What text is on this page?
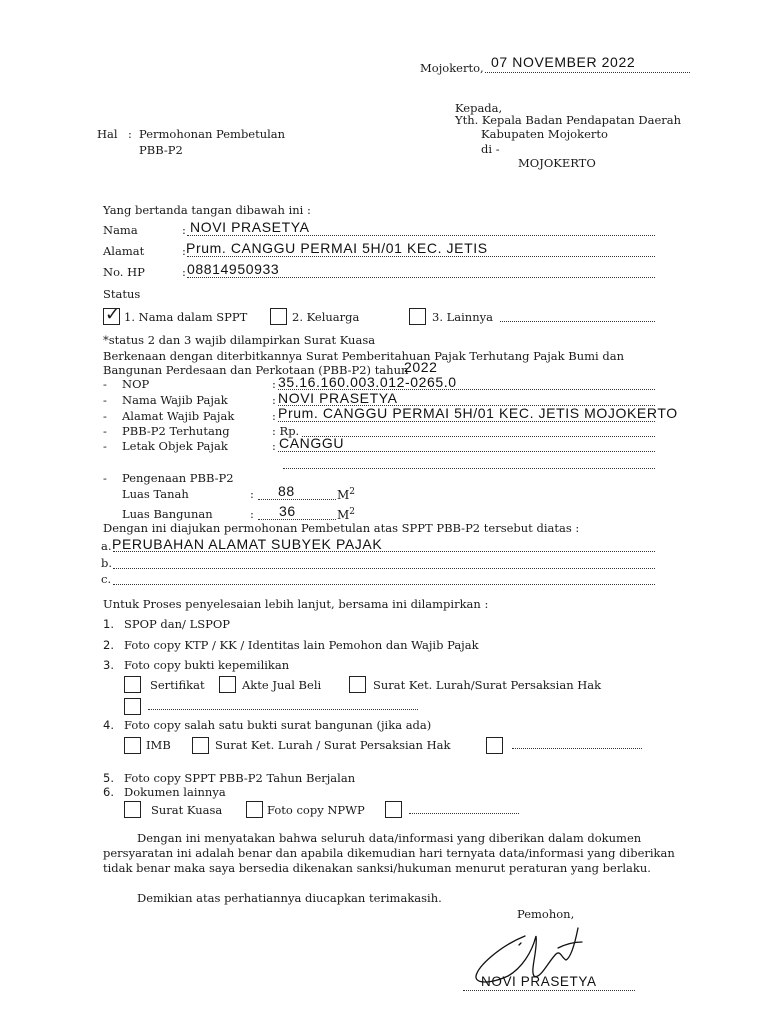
Mojokerto, 07 NOVEMBER 2022
Kepada,
Yth. Kepala Badan Pendapatan Daerah
Kabupaten Mojokerto
di -
MOJOKERTO
Hal : Permohonan Pembetulan
PBB-P2
Yang bertanda tangan dibawah ini :
Nama	: NOVI PRASETYA
Alamat	: Prum. CANGGU PERMAI 5H/01 KEC. JETIS
No. HP	: 08814950933
Status
✓ 1. Nama dalam SPPT	2. Keluarga	3. Lainnya
*status 2 dan 3 wajib dilampirkan Surat Kuasa
Berkenaan dengan diterbitkannya Surat Pemberitahuan Pajak Terhutang Pajak Bumi dan
Bangunan Perdesaan dan Perkotaan (PBB-P2) tahun
2022
- NOP	: 35.16.160.003.012-0265.0
- Nama Wajib Pajak	: NOVI PRASETYA
- Alamat Wajib Pajak	: Prum. CANGGU PERMAI 5H/01 KEC. JETIS MOJOKERTO
- PBB-P2 Terhutang	: Rp.
- Letak Objek Pajak	: CANGGU
- Pengenaan PBB-P2
Luas Tanah	: 88	$M^2$
Luas Bangunan	: 36	$M^2$
Dengan ini diajukan permohonan Pembetulan atas SPPT PBB-P2 tersebut diatas :
a. PERUBAHAN ALAMAT SUBYEK PAJAK
b.
c.
Untuk Proses penyelesaian lebih lanjut, bersama ini dilampirkan :
1. SPOP dan/ LSPOP
2. Foto copy KTP / KK / Identitas lain Pemohon dan Wajib Pajak
3. Foto copy bukti kepemilikan
Sertifikat	Akte Jual Beli	Surat Ket. Lurah/Surat Persaksian Hak
4. Foto copy salah satu bukti surat bangunan (jika ada)
IMB	Surat Ket. Lurah / Surat Persaksian Hak
5. Foto copy SPPT PBB-P2 Tahun Berjalan
6. Dokumen lainnya
Surat Kuasa	Foto copy NPWP
Dengan ini menyatakan bahwa seluruh data/informasi yang diberikan dalam dokumen
persyaratan ini adalah benar dan apabila dikemudian hari ternyata data/informasi yang diberikan
tidak benar maka saya bersedia dikenakan sanksi/hukuman menurut peraturan yang berlaku.
Demikian atas perhatiannya diucapkan terimakasih.
Pemohon,
NOVI PRASETYA
